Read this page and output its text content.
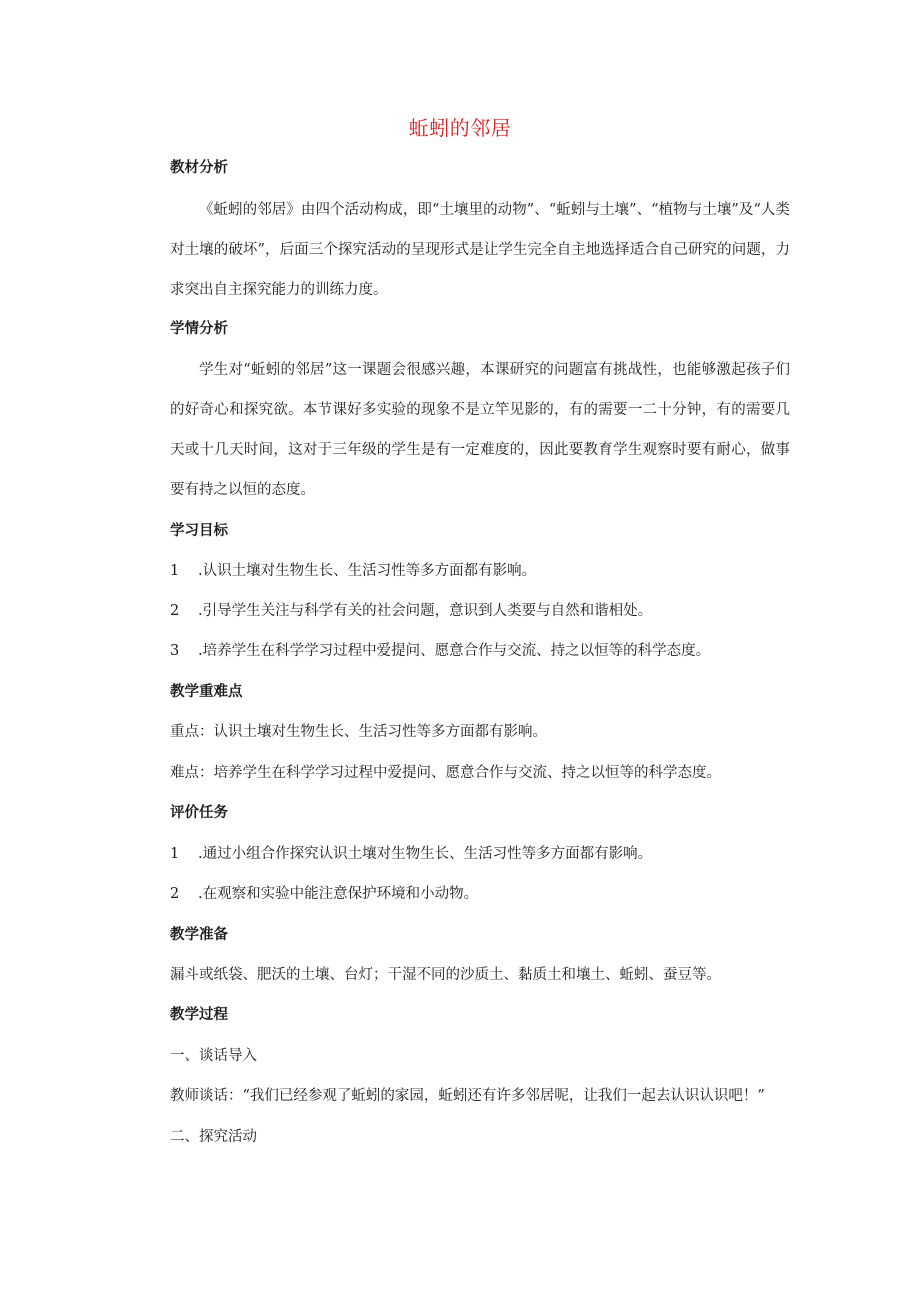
蚯蚓的邻居
教材分析
《蚯蚓的邻居》由四个活动构成，即“土壤里的动物”、“蚯蚓与土壤”、“植物与土壤”及“人类对土壤的破坏”，后面三个探究活动的呈现形式是让学生完全自主地选择适合自己研究的问题，力求突出自主探究能力的训练力度。
学情分析
学生对“蚯蚓的邻居”这一课题会很感兴趣，本课研究的问题富有挑战性，也能够激起孩子们的好奇心和探究欲。本节课好多实验的现象不是立竿见影的，有的需要一二十分钟，有的需要几天或十几天时间，这对于三年级的学生是有一定难度的，因此要教育学生观察时要有耐心，做事要有持之以恒的态度。
学习目标
1 .认识土壤对生物生长、生活习性等多方面都有影响。
2 .引导学生关注与科学有关的社会问题，意识到人类要与自然和谐相处。
3 .培养学生在科学学习过程中爱提问、愿意合作与交流、持之以恒等的科学态度。
教学重难点
重点：认识土壤对生物生长、生活习性等多方面都有影响。
难点：培养学生在科学学习过程中爱提问、愿意合作与交流、持之以恒等的科学态度。
评价任务
1 .通过小组合作探究认识土壤对生物生长、生活习性等多方面都有影响。
2 .在观察和实验中能注意保护环境和小动物。
教学准备
漏斗或纸袋、肥沃的土壤、台灯；干湿不同的沙质土、黏质土和壤土、蚯蚓、蚕豆等。
教学过程
一、谈话导入
教师谈话：“我们已经参观了蚯蚓的家园，蚯蚓还有许多邻居呢，让我们一起去认识认识吧！”
二、探究活动
